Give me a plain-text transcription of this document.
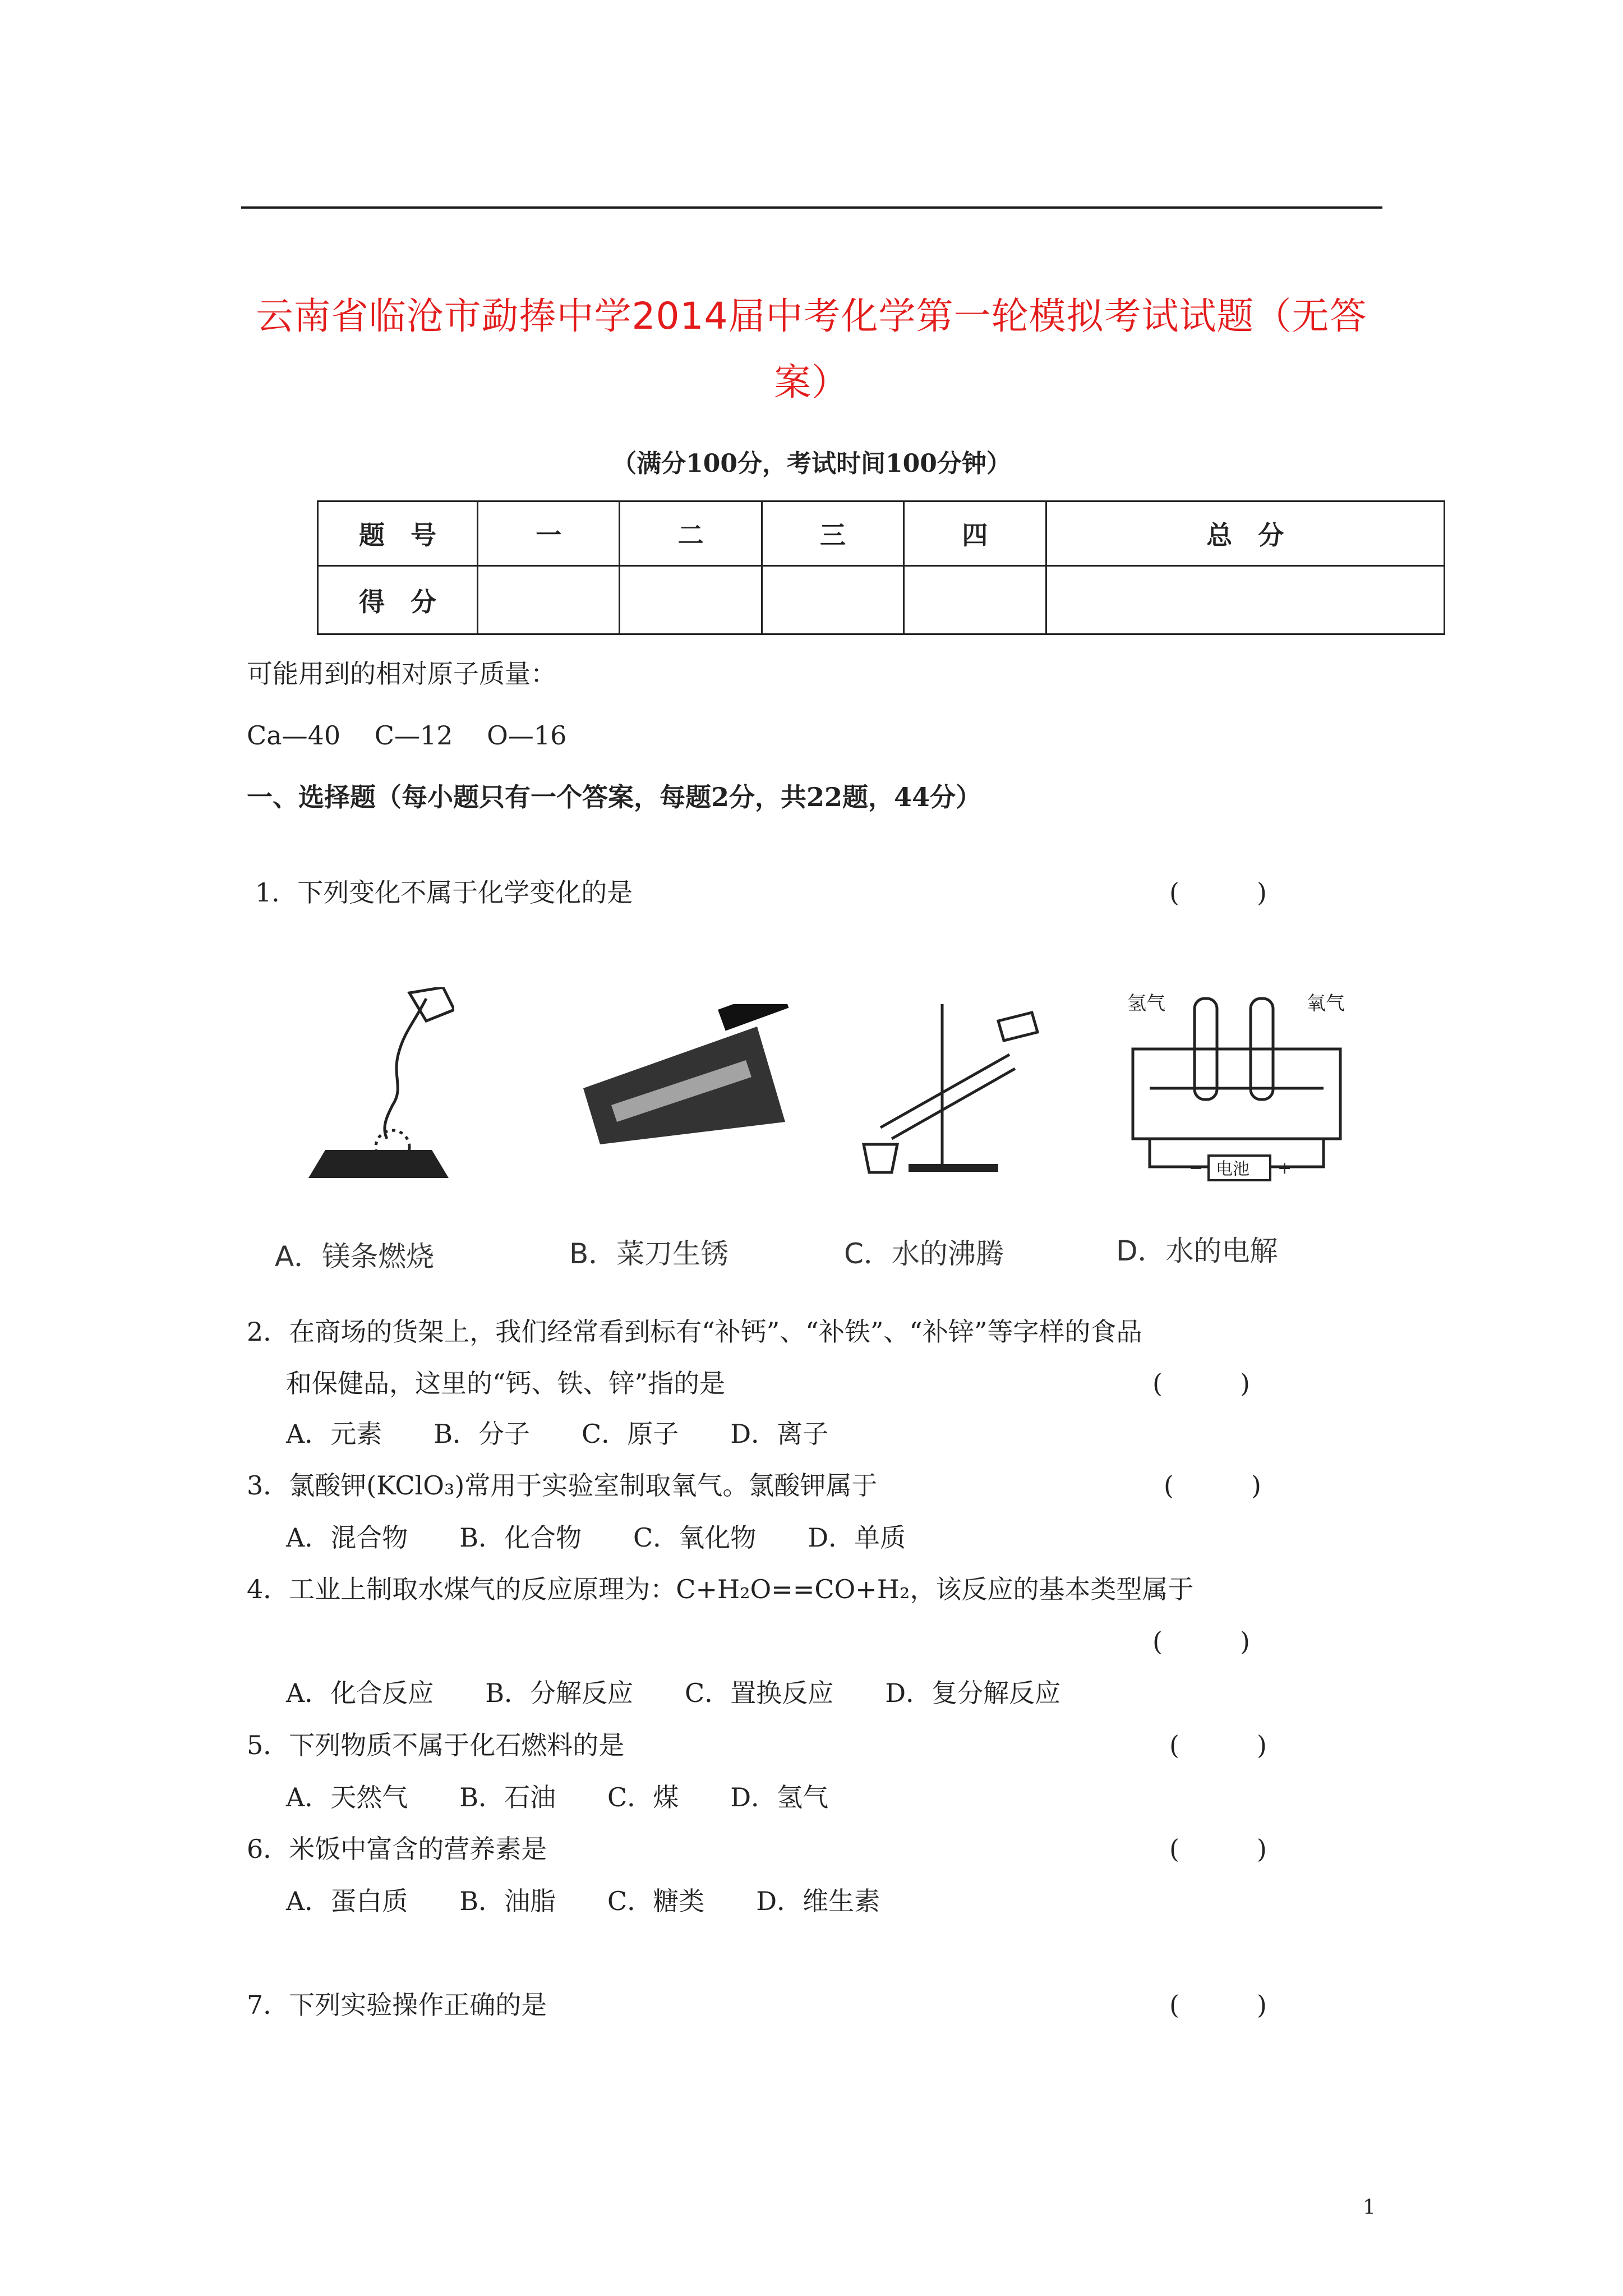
云南省临沧市勐捧中学2014届中考化学第一轮模拟考试试题（无答
案）
（满分100分，考试时间100分钟）
题　号	一	二	三	四	总　分
得　分					
可能用到的相对原子质量：
Ca—40　 C—12　 O—16
一、选择题（每小题只有一个答案，每题2分，共22题，44分）
1．下列变化不属于化学变化的是	(　　　)
氢气	氧气
电池
−	+
A．镁条燃烧	B．菜刀生锈	C．水的沸腾	D．水的电解
2．在商场的货架上，我们经常看到标有“补钙”、“补铁”、“补锌”等字样的食品
和保健品，这里的“钙、铁、锌”指的是	(　　　)
A．元素　　B．分子　　C．原子　　D．离子
3．氯酸钾(KClO₃)常用于实验室制取氧气。氯酸钾属于	(　　　)
A．混合物　　B．化合物　　C．氧化物　　D．单质
4．工业上制取水煤气的反应原理为：C+H₂O==CO+H₂，该反应的基本类型属于
(　　　)
A．化合反应　　B．分解反应　　C．置换反应　　D．复分解反应
5．下列物质不属于化石燃料的是	(　　　)
A．天然气　　B．石油　　C．煤　　D．氢气
6．米饭中富含的营养素是	(　　　)
A．蛋白质　　B．油脂　　C．糖类　　D．维生素
7．下列实验操作正确的是	(　　　)
1
